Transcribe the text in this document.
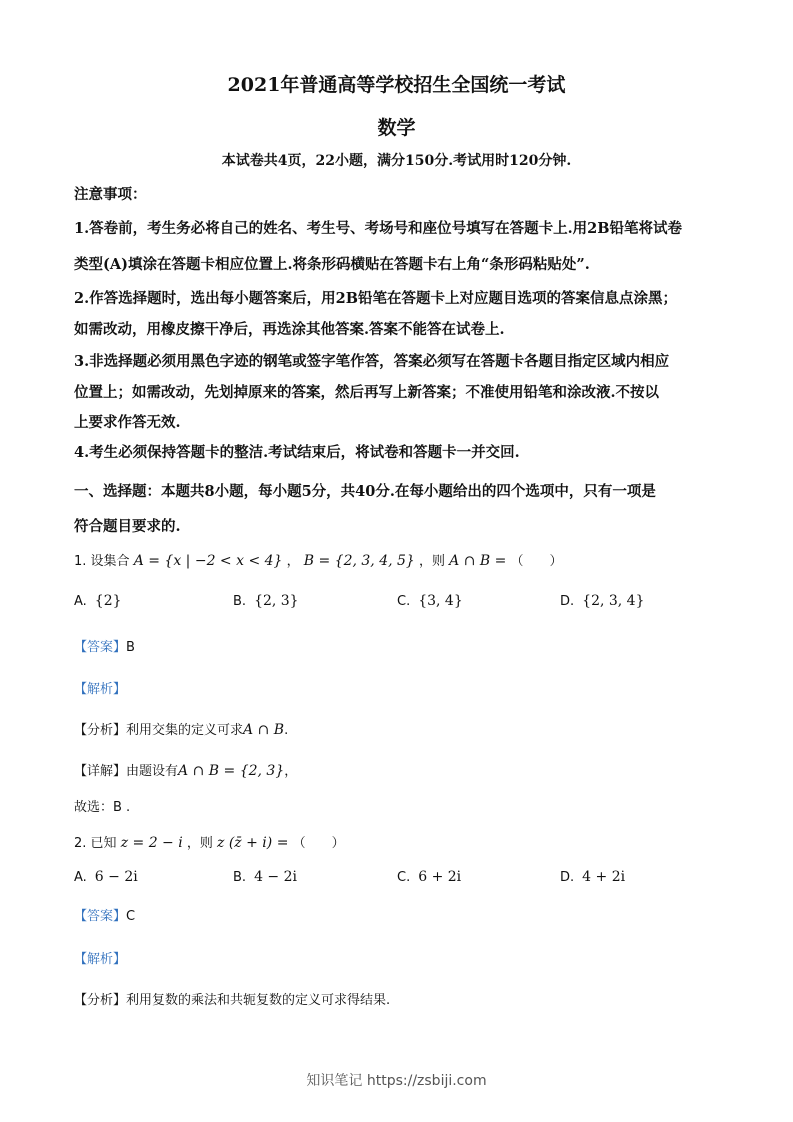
2021年普通高等学校招生全国统一考试
数学
本试卷共4页，22小题，满分150分.考试用时120分钟.
注意事项：
1.答卷前，考生务必将自己的姓名、考生号、考场号和座位号填写在答题卡上.用2B铅笔将试卷
类型(A)填涂在答题卡相应位置上.将条形码横贴在答题卡右上角“条形码粘贴处”.
2.作答选择题时，选出每小题答案后，用2B铅笔在答题卡上对应题目选项的答案信息点涂黑；
如需改动，用橡皮擦干净后，再选涂其他答案.答案不能答在试卷上.
3.非选择题必须用黑色字迹的钢笔或签字笔作答，答案必须写在答题卡各题目指定区域内相应
位置上；如需改动，先划掉原来的答案，然后再写上新答案；不准使用铅笔和涂改液.不按以
上要求作答无效.
4.考生必须保持答题卡的整洁.考试结束后，将试卷和答题卡一并交回.
一、选择题：本题共8小题，每小题5分，共40分.在每小题给出的四个选项中，只有一项是
符合题目要求的.
1. 设集合 A = {x | −2 < x < 4} ， B = {2, 3, 4, 5} ，则 A ∩ B = （　　）
A. {2}	B. {2, 3}	C. {3, 4}	D. {2, 3, 4}
【答案】B
【解析】
【分析】利用交集的定义可求A ∩ B.
【详解】由题设有A ∩ B = {2, 3}，
故选：B .
2. 已知 z = 2 − i ，则 z (z̄ + i) = （　　）
A. 6 − 2i	B. 4 − 2i	C. 6 + 2i	D. 4 + 2i
【答案】C
【解析】
【分析】利用复数的乘法和共轭复数的定义可求得结果.
知识笔记 https://zsbiji.com
